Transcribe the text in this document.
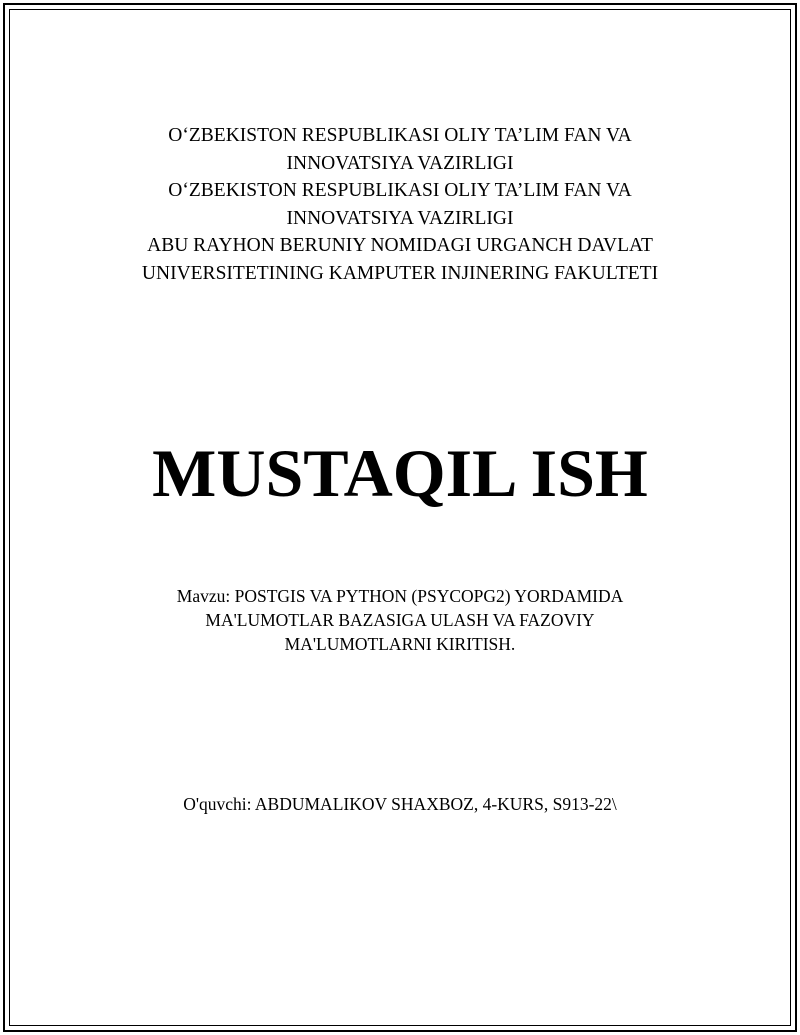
O‘ZBEKISTON RESPUBLIKASI OLIY TA’LIM FAN VA
INNOVATSIYA VAZIRLIGI
O‘ZBEKISTON RESPUBLIKASI OLIY TA’LIM FAN VA
INNOVATSIYA VAZIRLIGI
ABU RAYHON BERUNIY NOMIDAGI URGANCH DAVLAT
UNIVERSITETINING KAMPUTER INJINERING FAKULTETI
MUSTAQIL ISH
Mavzu: POSTGIS VA PYTHON (PSYCOPG2) YORDAMIDA
MA'LUMOTLAR BAZASIGA ULASH VA FAZOVIY
MA'LUMOTLARNI KIRITISH.
O'quvchi: ABDUMALIKOV SHAXBOZ, 4-KURS, S913-22\
